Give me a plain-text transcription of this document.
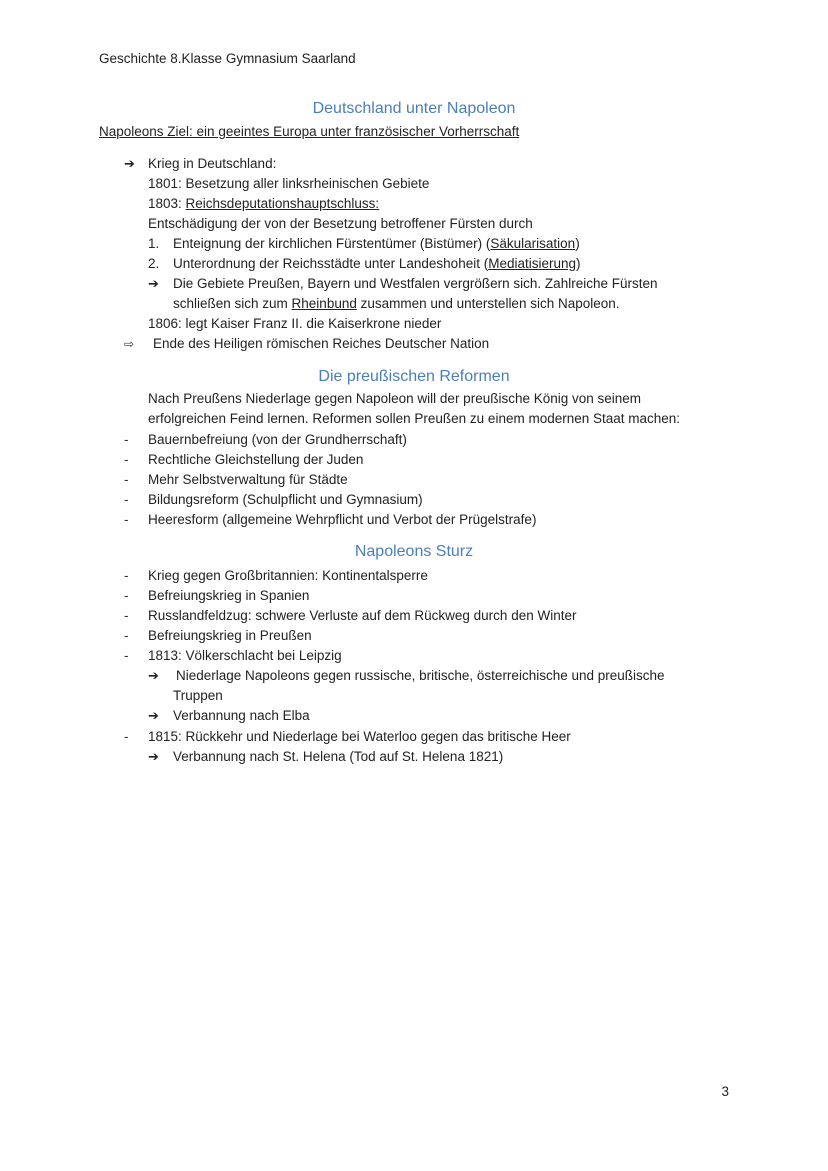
Geschichte 8.Klasse Gymnasium Saarland
Deutschland unter Napoleon
Napoleons Ziel: ein geeintes Europa unter französischer Vorherrschaft
➔ Krieg in Deutschland:
1801: Besetzung aller linksrheinischen Gebiete
1803: Reichsdeputationshauptschluss:
Entschädigung der von der Besetzung betroffener Fürsten durch
1. Enteignung der kirchlichen Fürstentümer (Bistümer) (Säkularisation)
2. Unterordnung der Reichsstädte unter Landeshoheit (Mediatisierung)
➔ Die Gebiete Preußen, Bayern und Westfalen vergrößern sich. Zahlreiche Fürsten
schließen sich zum Rheinbund zusammen und unterstellen sich Napoleon.
1806: legt Kaiser Franz II. die Kaiserkrone nieder
⇨ Ende des Heiligen römischen Reiches Deutscher Nation
Die preußischen Reformen
Nach Preußens Niederlage gegen Napoleon will der preußische König von seinem
erfolgreichen Feind lernen. Reformen sollen Preußen zu einem modernen Staat machen:
- Bauernbefreiung (von der Grundherrschaft)
- Rechtliche Gleichstellung der Juden
- Mehr Selbstverwaltung für Städte
- Bildungsreform (Schulpflicht und Gymnasium)
- Heeresform (allgemeine Wehrpflicht und Verbot der Prügelstrafe)
Napoleons Sturz
- Krieg gegen Großbritannien: Kontinentalsperre
- Befreiungskrieg in Spanien
- Russlandfeldzug: schwere Verluste auf dem Rückweg durch den Winter
- Befreiungskrieg in Preußen
- 1813: Völkerschlacht bei Leipzig
➔ Niederlage Napoleons gegen russische, britische, österreichische und preußische
Truppen
➔ Verbannung nach Elba
- 1815: Rückkehr und Niederlage bei Waterloo gegen das britische Heer
➔ Verbannung nach St. Helena (Tod auf St. Helena 1821)
3
